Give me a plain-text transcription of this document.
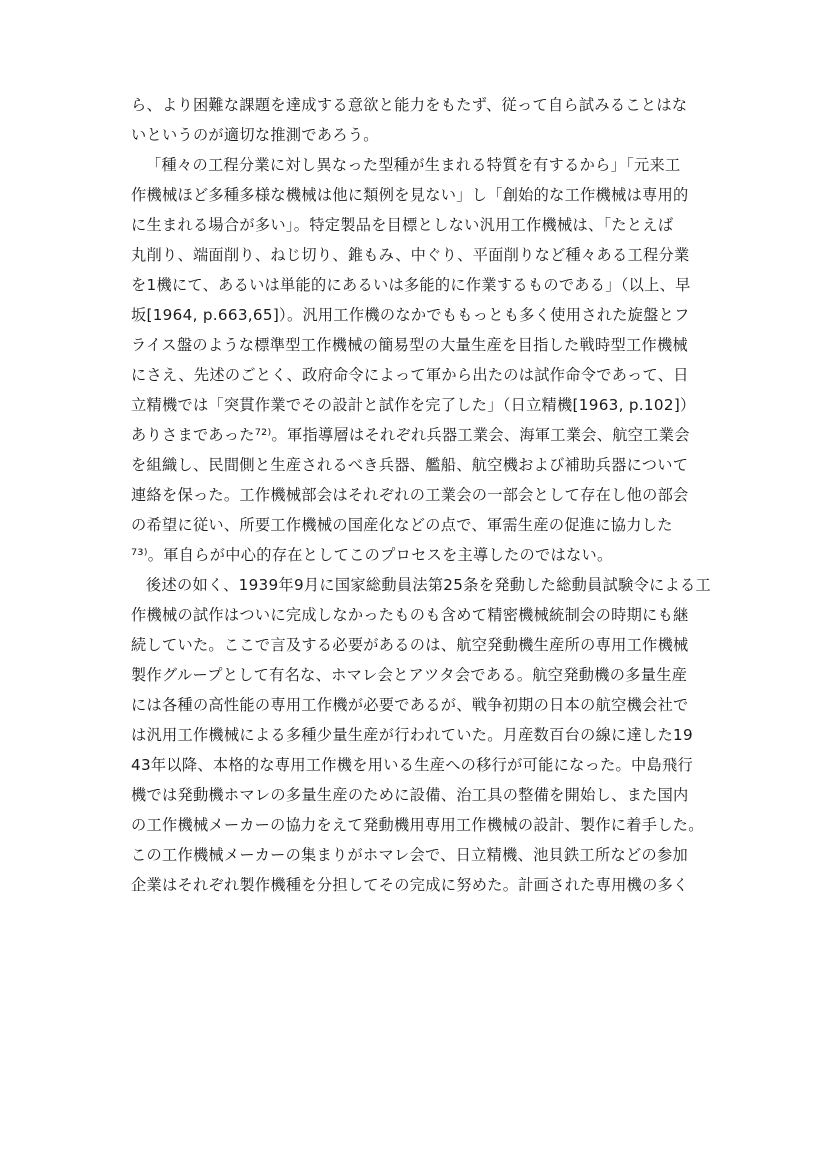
ら、より困難な課題を達成する意欲と能力をもたず、従って自ら試みることはな
いというのが適切な推測であろう。
「種々の工程分業に対し異なった型種が生まれる特質を有するから」「元来工
作機械ほど多種多様な機械は他に類例を見ない」し「創始的な工作機械は専用的
に生まれる場合が多い」。特定製品を目標としない汎用工作機械は、「たとえば
丸削り、端面削り、ねじ切り、錐もみ、中ぐり、平面削りなど種々ある工程分業
を1機にて、あるいは単能的にあるいは多能的に作業するものである」（以上、早
坂[1964, p.663,65]）。汎用工作機のなかでももっとも多く使用された旋盤とフ
ライス盤のような標準型工作機械の簡易型の大量生産を目指した戦時型工作機械
にさえ、先述のごとく、政府命令によって軍から出たのは試作命令であって、日
立精機では「突貫作業でその設計と試作を完了した」（日立精機[1963, p.102]）
ありさまであった⁷²⁾。軍指導層はそれぞれ兵器工業会、海軍工業会、航空工業会
を組織し、民間側と生産されるべき兵器、艦船、航空機および補助兵器について
連絡を保った。工作機械部会はそれぞれの工業会の一部会として存在し他の部会
の希望に従い、所要工作機械の国産化などの点で、軍需生産の促進に協力した
⁷³⁾。軍自らが中心的存在としてこのプロセスを主導したのではない。
後述の如く、1939年9月に国家総動員法第25条を発動した総動員試験令による工
作機械の試作はついに完成しなかったものも含めて精密機械統制会の時期にも継
続していた。ここで言及する必要があるのは、航空発動機生産所の専用工作機械
製作グループとして有名な、ホマレ会とアツタ会である。航空発動機の多量生産
には各種の高性能の専用工作機が必要であるが、戦争初期の日本の航空機会社で
は汎用工作機械による多種少量生産が行われていた。月産数百台の線に達した19
43年以降、本格的な専用工作機を用いる生産への移行が可能になった。中島飛行
機では発動機ホマレの多量生産のために設備、治工具の整備を開始し、また国内
の工作機械メーカーの協力をえて発動機用専用工作機械の設計、製作に着手した。
この工作機械メーカーの集まりがホマレ会で、日立精機、池貝鉄工所などの参加
企業はそれぞれ製作機種を分担してその完成に努めた。計画された専用機の多く
